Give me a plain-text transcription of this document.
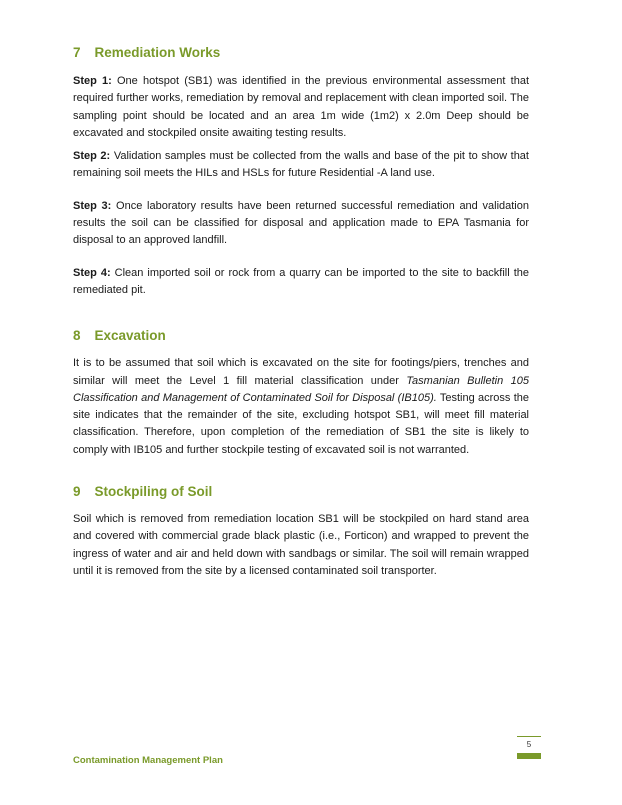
7 Remediation Works

Step 1: One hotspot (SB1) was identified in the previous environmental assessment that required further works, remediation by removal and replacement with clean imported soil. The sampling point should be located and an area 1m wide (1m2) x 2.0m Deep should be excavated and stockpiled onsite awaiting testing results.

Step 2: Validation samples must be collected from the walls and base of the pit to show that remaining soil meets the HILs and HSLs for future Residential -A land use.

Step 3: Once laboratory results have been returned successful remediation and validation results the soil can be classified for disposal and application made to EPA Tasmania for disposal to an approved landfill.

Step 4: Clean imported soil or rock from a quarry can be imported to the site to backfill the remediated pit.

8 Excavation

It is to be assumed that soil which is excavated on the site for footings/piers, trenches and similar will meet the Level 1 fill material classification under Tasmanian Bulletin 105 Classification and Management of Contaminated Soil for Disposal (IB105). Testing across the site indicates that the remainder of the site, excluding hotspot SB1, will meet fill material classification. Therefore, upon completion of the remediation of SB1 the site is likely to comply with IB105 and further stockpile testing of excavated soil is not warranted.

9 Stockpiling of Soil

Soil which is removed from remediation location SB1 will be stockpiled on hard stand area and covered with commercial grade black plastic (i.e., Forticon) and wrapped to prevent the ingress of water and air and held down with sandbags or similar. The soil will remain wrapped until it is removed from the site by a licensed contaminated soil transporter.

5
Contamination Management Plan
